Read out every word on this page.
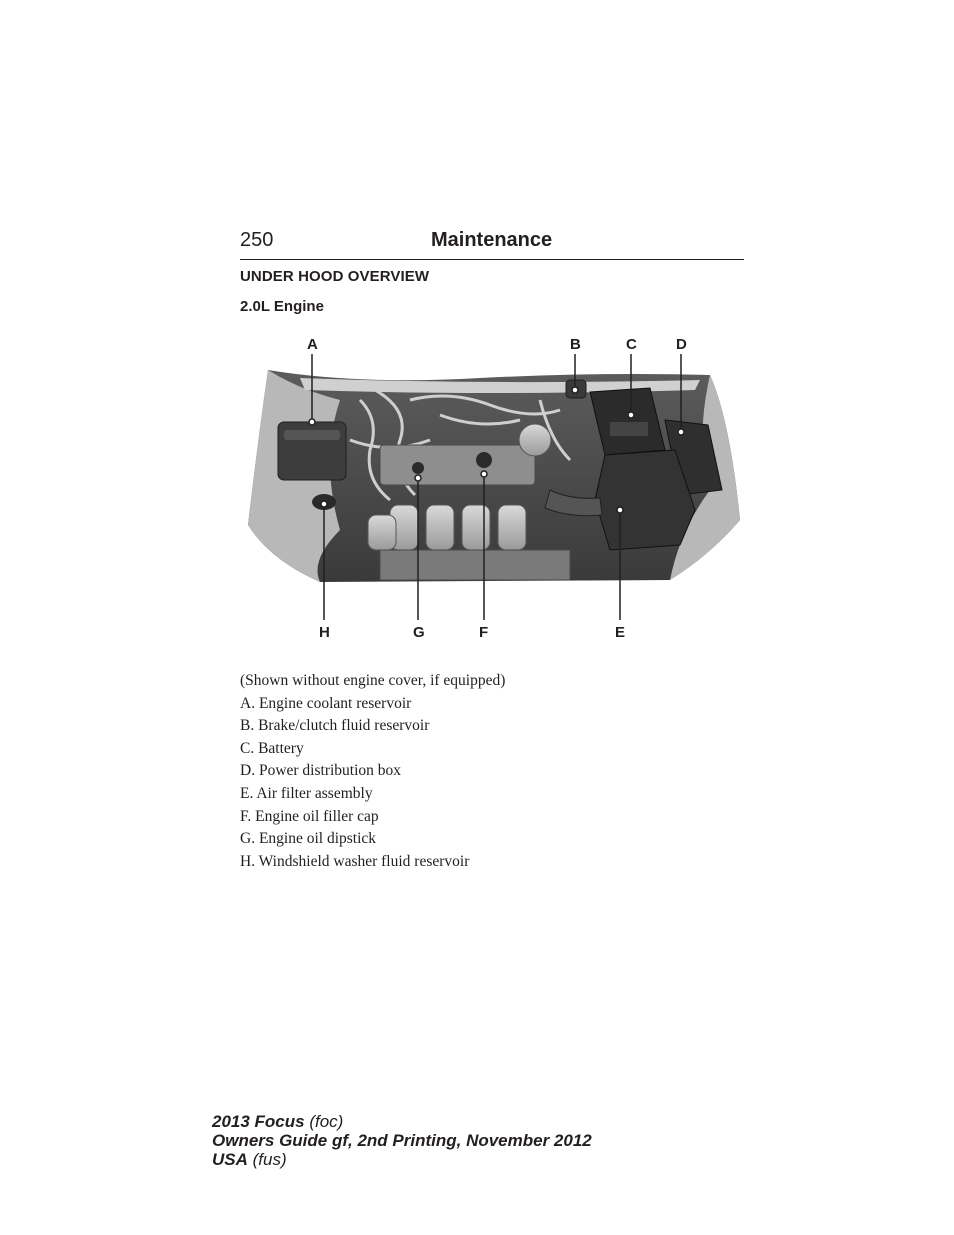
250	Maintenance
UNDER HOOD OVERVIEW
2.0L Engine
A	B	C	D
E
F
G
H

(Shown without engine cover, if equipped)

A. Engine coolant reservoir

B. Brake/clutch fluid reservoir

C. Battery

D. Power distribution box

E. Air filter assembly

F. Engine oil filler cap

G. Engine oil dipstick

H. Windshield washer fluid reservoir

2013 Focus (foc)
Owners Guide gf, 2nd Printing, November 2012
USA (fus)
